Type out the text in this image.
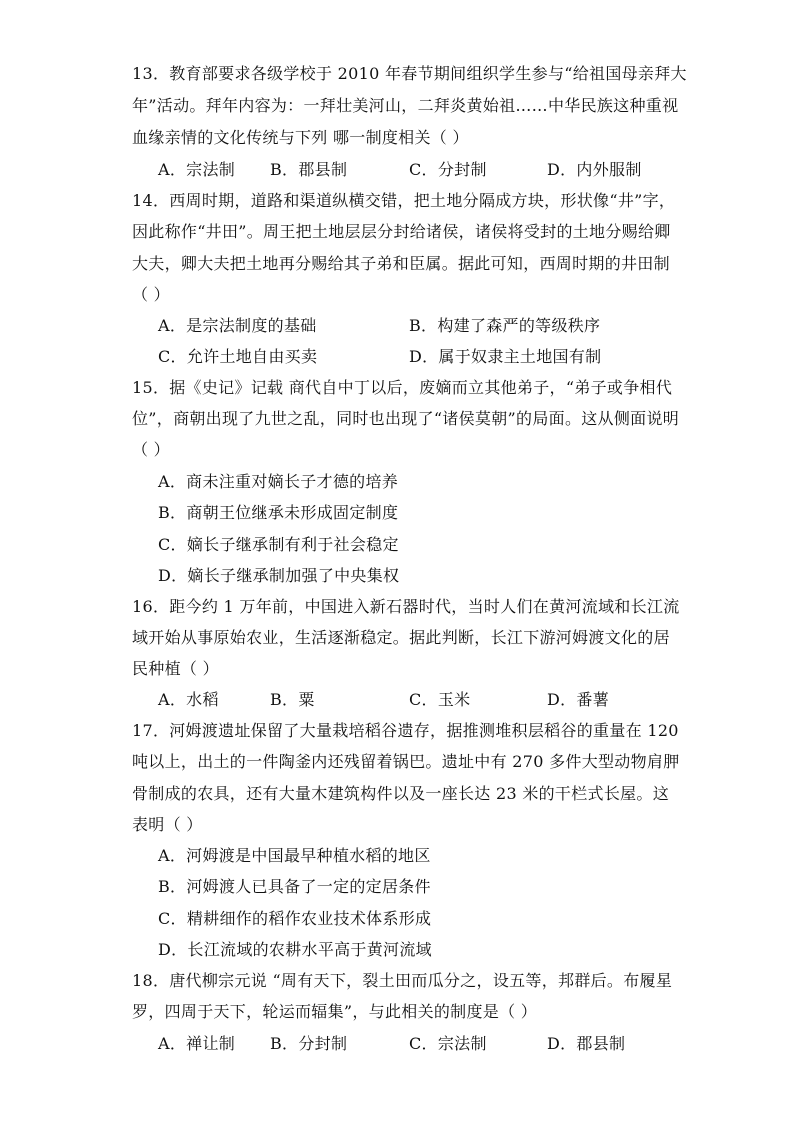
13．教育部要求各级学校于 2010 年春节期间组织学生参与“给祖国母亲拜大
年”活动。拜年内容为：一拜壮美河山，二拜炎黄始祖……中华民族这种重视
血缘亲情的文化传统与下列 哪一制度相关（ ）
A．宗法制 B．郡县制	C．分封制	D．内外服制
14．西周时期，道路和渠道纵横交错，把土地分隔成方块，形状像“井”字，
因此称作“井田”。周王把土地层层分封给诸侯，诸侯将受封的土地分赐给卿
大夫，卿大夫把土地再分赐给其子弟和臣属。据此可知，西周时期的井田制
（ ）
A．是宗法制度的基础	B．构建了森严的等级秩序
C．允许土地自由买卖	D．属于奴隶主土地国有制
15．据《史记》记载 商代自中丁以后，废嫡而立其他弟子，“弟子或争相代
位”，商朝出现了九世之乱，同时也出现了“诸侯莫朝”的局面。这从侧面说明
（ ）
A．商未注重对嫡长子才德的培养
B．商朝王位继承未形成固定制度
C．嫡长子继承制有利于社会稳定
D．嫡长子继承制加强了中央集权
16．距今约 1 万年前，中国进入新石器时代，当时人们在黄河流域和长江流
域开始从事原始农业，生活逐渐稳定。据此判断，长江下游河姆渡文化的居
民种植（ ）
A．水稻	B．粟	C．玉米	D．番薯
17．河姆渡遗址保留了大量栽培稻谷遗存，据推测堆积层稻谷的重量在 120
吨以上，出土的一件陶釜内还残留着锅巴。遗址中有 270 多件大型动物肩胛
骨制成的农具，还有大量木建筑构件以及一座长达 23 米的干栏式长屋。这
表明（ ）
A．河姆渡是中国最早种植水稻的地区
B．河姆渡人已具备了一定的定居条件
C．精耕细作的稻作农业技术体系形成
D．长江流域的农耕水平高于黄河流域
18．唐代柳宗元说 “周有天下，裂土田而瓜分之，设五等，邦群后。布履星
罗，四周于天下，轮运而辐集”，与此相关的制度是（ ）
A．禅让制 B．分封制	C．宗法制	D．郡县制
